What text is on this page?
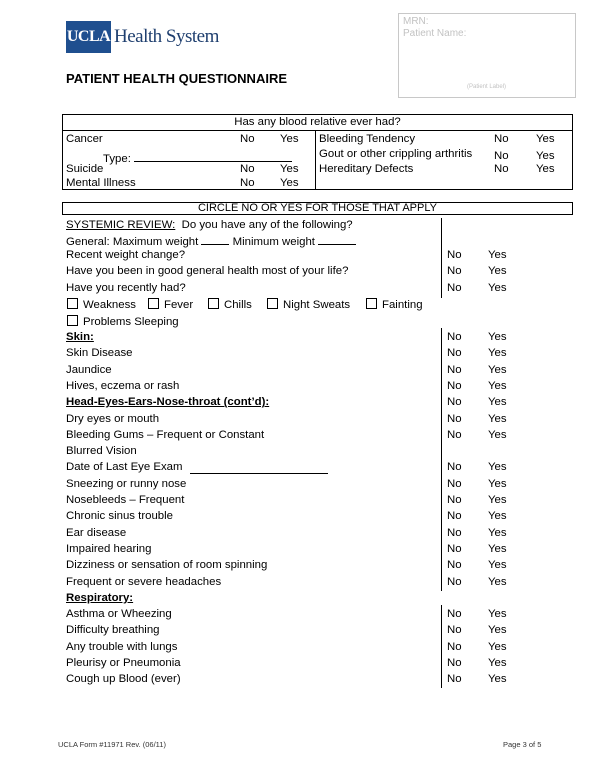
UCLA Health System
PATIENT HEALTH QUESTIONNAIRE
MRN:
Patient Name:
(Patient Label)
Has any blood relative ever had?
Cancer	No Yes
Suicide	No Yes
Mental Illness	No Yes
Type:
Bleeding Tendency	No Yes
Gout or other crippling arthritis No Yes
Hereditary Defects	No Yes
CIRCLE NO OR YES FOR THOSE THAT APPLY
SYSTEMIC REVIEW: Do you have any of the following?
General: Maximum weight	Minimum weight
Recent weight change?	No Yes
Have you been in good general health most of your life?	No Yes
Have you recently had?	No Yes
Weakness	Fever	Chills	Night Sweats	Fainting
Problems Sleeping
Skin:	No Yes
Skin Disease	No Yes
Jaundice	No Yes
Hives, eczema or rash	No Yes
Head-Eyes-Ears-Nose-throat (cont’d):	No Yes
Dry eyes or mouth	No Yes
Bleeding Gums – Frequent or Constant	No Yes
Blurred Vision
Date of Last Eye Exam	No Yes
Sneezing or runny nose	No Yes
Nosebleeds – Frequent	No Yes
Chronic sinus trouble	No Yes
Ear disease	No Yes
Impaired hearing	No Yes
Dizziness or sensation of room spinning	No Yes
Frequent or severe headaches	No Yes
Respiratory:
Asthma or Wheezing	No Yes
Difficulty breathing	No Yes
Any trouble with lungs	No Yes
Pleurisy or Pneumonia	No Yes
Cough up Blood (ever)	No Yes
UCLA Form #11971 Rev. (06/11)	Page 3 of 5
